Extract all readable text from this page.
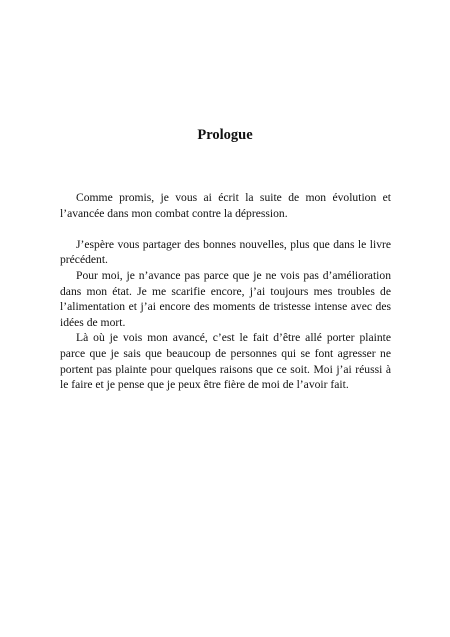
Prologue

Comme promis, je vous ai écrit la suite de mon évolution et l’avancée dans mon combat contre la dépression.

J’espère vous partager des bonnes nouvelles, plus que dans le livre précédent.

Pour moi, je n’avance pas parce que je ne vois pas d’amélioration dans mon état. Je me scarifie encore, j’ai toujours mes troubles de l’alimentation et j’ai encore des moments de tristesse intense avec des idées de mort.

Là où je vois mon avancé, c’est le fait d’être allé porter plainte parce que je sais que beaucoup de personnes qui se font agresser ne portent pas plainte pour quelques raisons que ce soit. Moi j’ai réussi à le faire et je pense que je peux être fière de moi de l’avoir fait.
